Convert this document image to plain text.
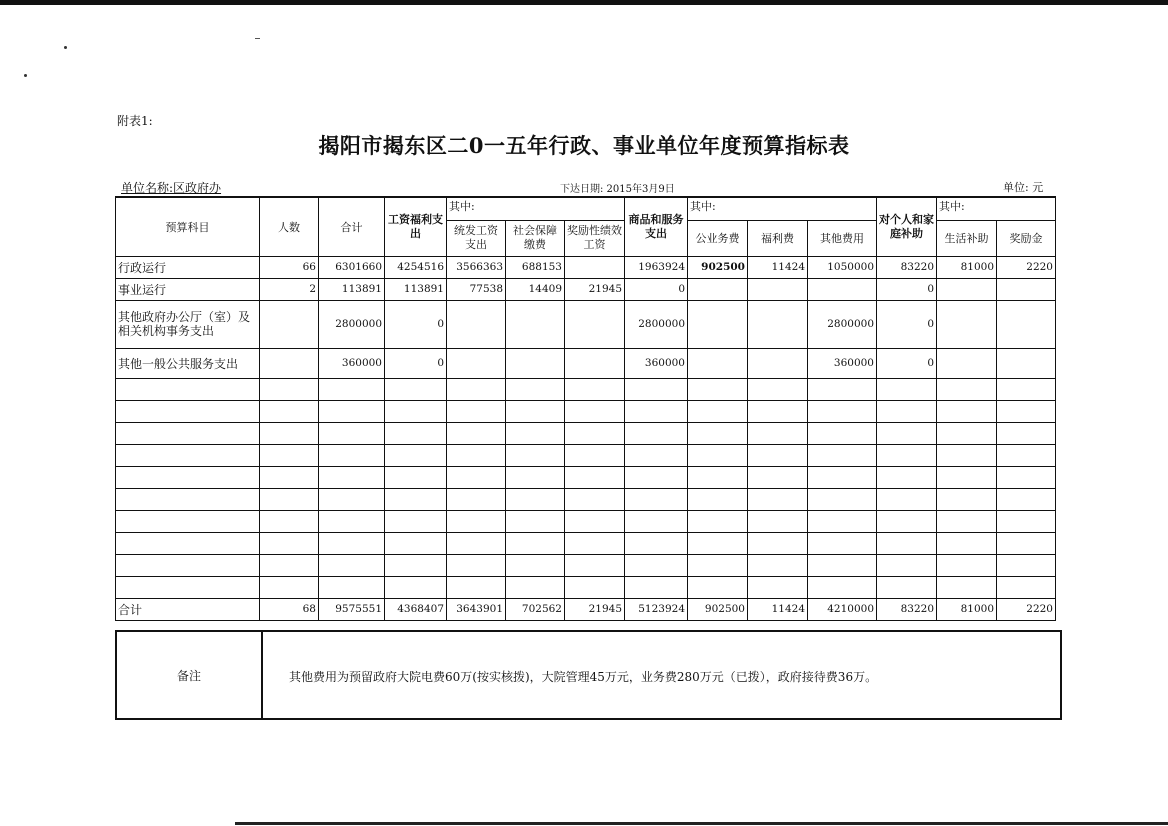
附表1:
揭阳市揭东区二0一五年行政、事业单位年度预算指标表
单位名称:区政府办	下达日期: 2015年3月9日	单位: 元
预算科目	人数	合计	工资福利支出	其中:			商品和服务支出	其中:			对个人和家庭补助	其中:	
				统发工资支出	社会保障缴费	奖励性绩效工资		公业务费	福利费	其他费用		生活补助	奖励金
行政运行	66	6301660	4254516	3566363	688153		1963924	902500	11424	1050000	83220	81000	2220
事业运行	2	113891	113891	77538	14409	21945	0				0		
其他政府办公厅（室）及相关机构事务支出		2800000	0				2800000			2800000	0		
其他一般公共服务支出		360000	0				360000			360000	0		

合计	68	9575551	4368407	3643901	702562	21945	5123924	902500	11424	4210000	83220	81000	2220
备注	其他费用为预留政府大院电费60万(按实核拨)，大院管理45万元，业务费280万元（已拨），政府接待费36万。
